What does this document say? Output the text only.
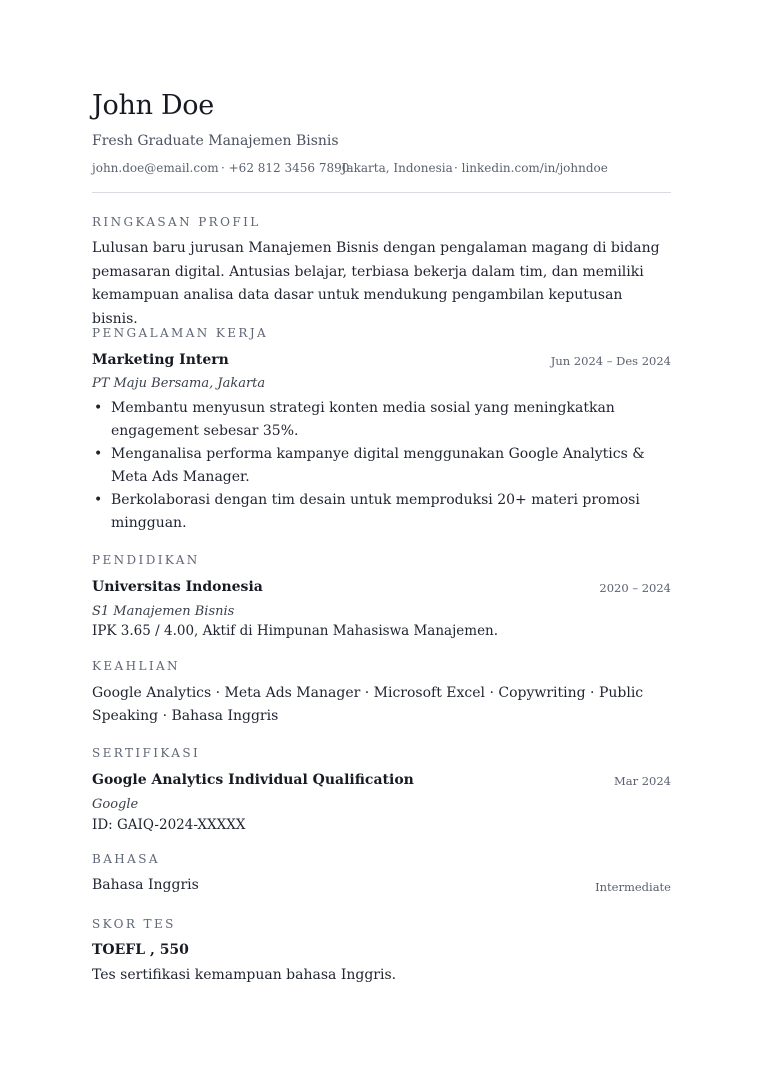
John Doe
Fresh Graduate Manajemen Bisnis
john.doe@email.com · +62 812 3456 7890
· Jakarta, Indonesia · linkedin.com/in/johndoe
RINGKASAN PROFIL
Lulusan baru jurusan Manajemen Bisnis dengan pengalaman magang di bidang pemasaran digital. Antusias belajar, terbiasa bekerja dalam tim, dan memiliki kemampuan analisa data dasar untuk mendukung pengambilan keputusan bisnis.
PENGALAMAN KERJA
Marketing Intern	Jun 2024 – Des 2024
PT Maju Bersama, Jakarta
• Membantu menyusun strategi konten media sosial yang meningkatkan engagement sebesar 35%.
• Menganalisa performa kampanye digital menggunakan Google Analytics & Meta Ads Manager.
• Berkolaborasi dengan tim desain untuk memproduksi 20+ materi promosi mingguan.
PENDIDIKAN
Universitas Indonesia	2020 – 2024
S1 Manajemen Bisnis
IPK 3.65 / 4.00, Aktif di Himpunan Mahasiswa Manajemen.
KEAHLIAN
Google Analytics · Meta Ads Manager · Microsoft Excel · Copywriting · Public Speaking · Bahasa Inggris
SERTIFIKASI
Google Analytics Individual Qualification	Mar 2024
Google
ID: GAIQ-2024-XXXXX
BAHASA
Bahasa Inggris	Intermediate
SKOR TES
TOEFL , 550
Tes sertifikasi kemampuan bahasa Inggris.
